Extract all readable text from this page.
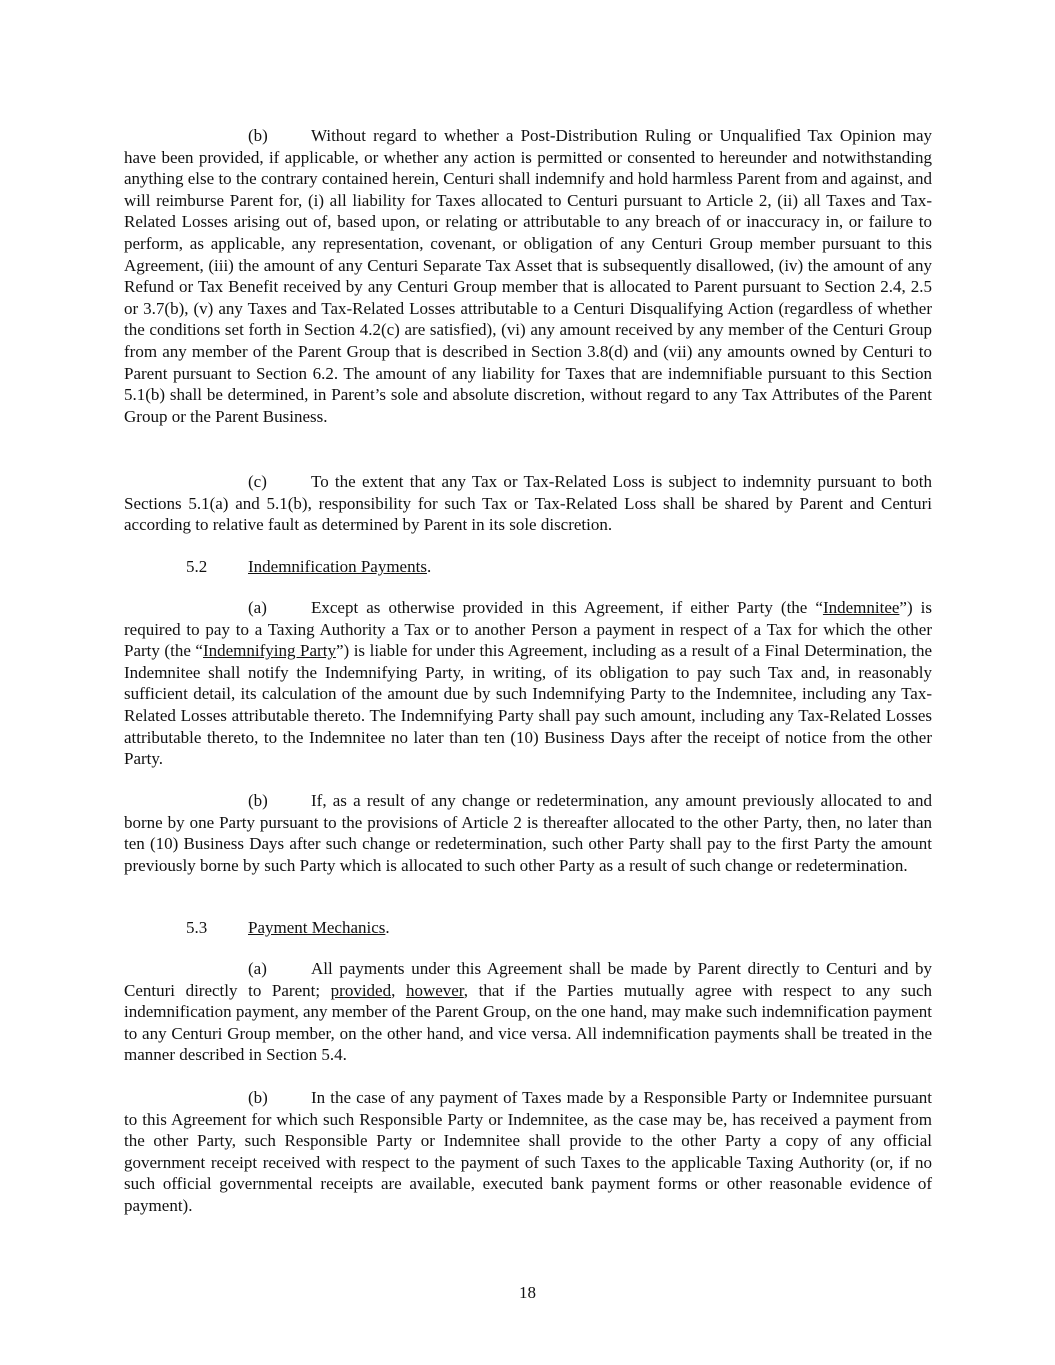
(b)	Without regard to whether a Post-Distribution Ruling or Unqualified Tax Opinion may have been provided, if applicable, or whether any action is permitted or consented to hereunder and notwithstanding anything else to the contrary contained herein, Centuri shall indemnify and hold harmless Parent from and against, and will reimburse Parent for, (i) all liability for Taxes allocated to Centuri pursuant to Article 2, (ii) all Taxes and Tax-Related Losses arising out of, based upon, or relating or attributable to any breach of or inaccuracy in, or failure to perform, as applicable, any representation, covenant, or obligation of any Centuri Group member pursuant to this Agreement, (iii) the amount of any Centuri Separate Tax Asset that is subsequently disallowed, (iv) the amount of any Refund or Tax Benefit received by any Centuri Group member that is allocated to Parent pursuant to Section 2.4, 2.5 or 3.7(b), (v) any Taxes and Tax-Related Losses attributable to a Centuri Disqualifying Action (regardless of whether the conditions set forth in Section 4.2(c) are satisfied), (vi) any amount received by any member of the Centuri Group from any member of the Parent Group that is described in Section 3.8(d) and (vii) any amounts owned by Centuri to Parent pursuant to Section 6.2. The amount of any liability for Taxes that are indemnifiable pursuant to this Section 5.1(b) shall be determined, in Parent’s sole and absolute discretion, without regard to any Tax Attributes of the Parent Group or the Parent Business.

(c)	To the extent that any Tax or Tax-Related Loss is subject to indemnity pursuant to both Sections 5.1(a) and 5.1(b), responsibility for such Tax or Tax-Related Loss shall be shared by Parent and Centuri according to relative fault as determined by Parent in its sole discretion.

5.2 Indemnification Payments.

(a)	Except as otherwise provided in this Agreement, if either Party (the “Indemnitee”) is required to pay to a Taxing Authority a Tax or to another Person a payment in respect of a Tax for which the other Party (the “Indemnifying Party”) is liable for under this Agreement, including as a result of a Final Determination, the Indemnitee shall notify the Indemnifying Party, in writing, of its obligation to pay such Tax and, in reasonably sufficient detail, its calculation of the amount due by such Indemnifying Party to the Indemnitee, including any Tax-Related Losses attributable thereto. The Indemnifying Party shall pay such amount, including any Tax-Related Losses attributable thereto, to the Indemnitee no later than ten (10) Business Days after the receipt of notice from the other Party.

(b)	If, as a result of any change or redetermination, any amount previously allocated to and borne by one Party pursuant to the provisions of Article 2 is thereafter allocated to the other Party, then, no later than ten (10) Business Days after such change or redetermination, such other Party shall pay to the first Party the amount previously borne by such Party which is allocated to such other Party as a result of such change or redetermination.

5.3 Payment Mechanics.

(a)	All payments under this Agreement shall be made by Parent directly to Centuri and by Centuri directly to Parent; provided, however, that if the Parties mutually agree with respect to any such indemnification payment, any member of the Parent Group, on the one hand, may make such indemnification payment to any Centuri Group member, on the other hand, and vice versa. All indemnification payments shall be treated in the manner described in Section 5.4.

(b)	In the case of any payment of Taxes made by a Responsible Party or Indemnitee pursuant to this Agreement for which such Responsible Party or Indemnitee, as the case may be, has received a payment from the other Party, such Responsible Party or Indemnitee shall provide to the other Party a copy of any official government receipt received with respect to the payment of such Taxes to the applicable Taxing Authority (or, if no such official governmental receipts are available, executed bank payment forms or other reasonable evidence of payment).

18
